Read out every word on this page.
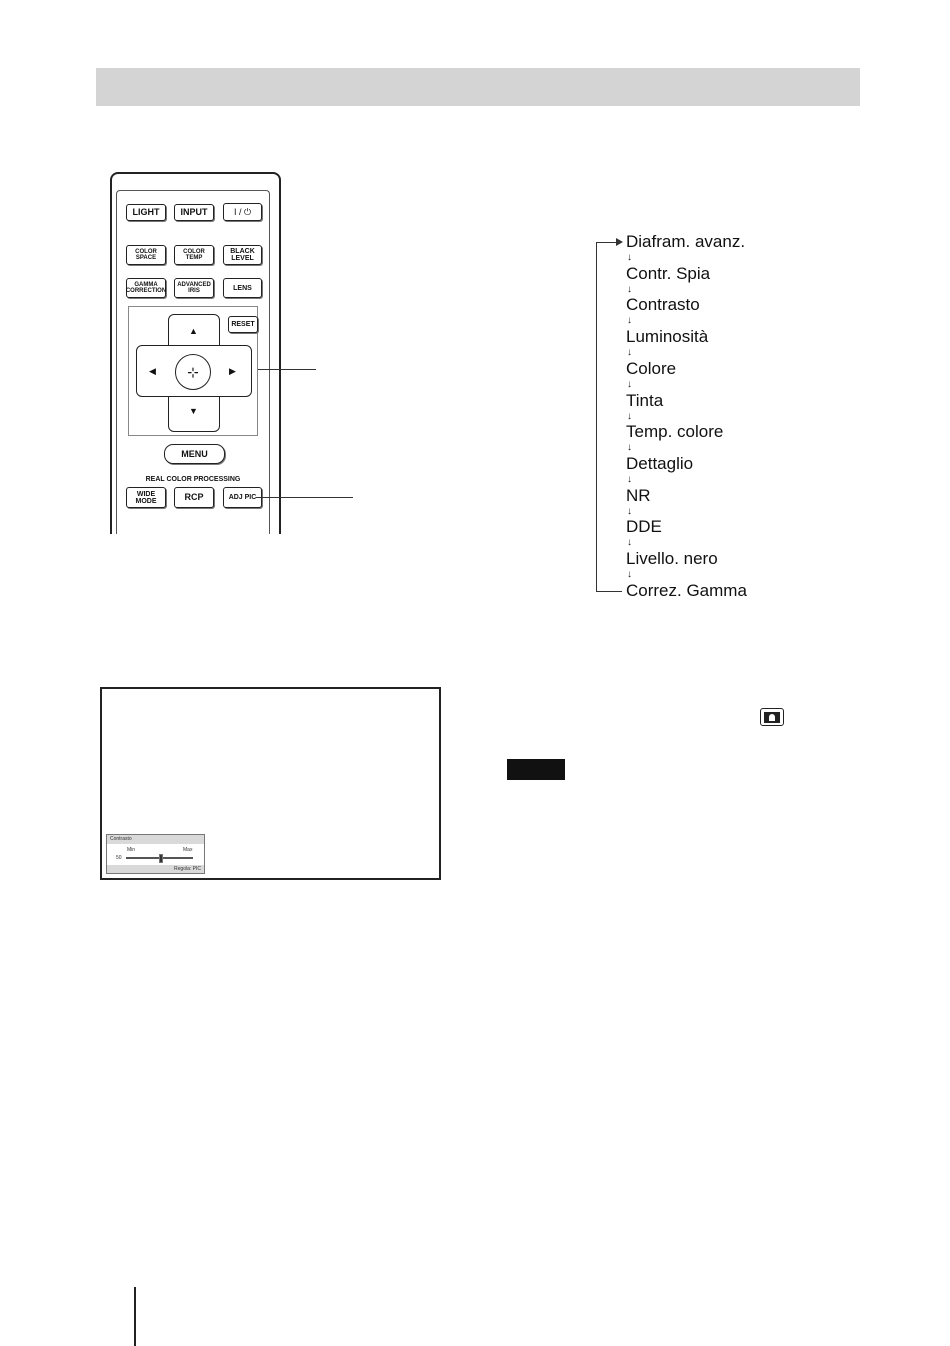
LIGHT INPUT	I / ⏻
COLOR
SPACE
COLOR
TEMP
BLACK
LEVEL
GAMMA
CORRECTION
ADVANCED
IRIS	LENS
RESET
⊹
▲
▼
◀	▶
MENU
REAL COLOR PROCESSING
WIDE
MODE	RCP	ADJ PIC
Diafram. avanz.
↓
Contr. Spia
↓
Contrasto
↓
Luminosità
↓
Colore
↓
Tinta
↓
Temp. colore
↓
Dettaglio
↓
NR
↓
DDE
↓
Livello. nero
↓
Correz. Gamma
Contrasto
Min	Max
50
Regola: PIC
